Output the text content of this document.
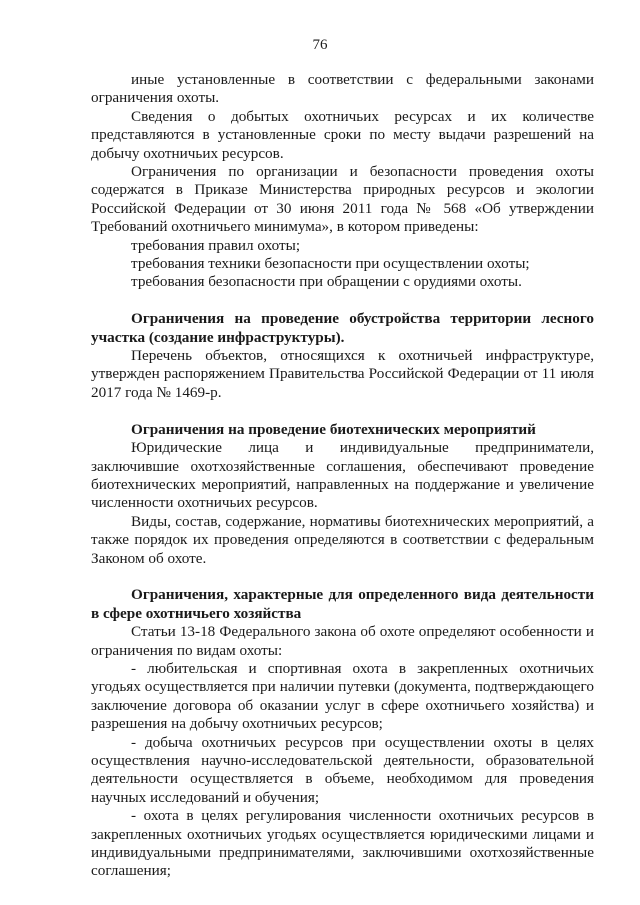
76

иные установленные в соответствии с федеральными законами ограничения охоты.

Сведения о добытых охотничьих ресурсах и их количестве представляются в установленные сроки по месту выдачи разрешений на добычу охотничьих ресурсов.

Ограничения по организации и безопасности проведения охоты содержатся в Приказе Министерства природных ресурсов и экологии Российской Федерации от 30 июня 2011 года № 568 «Об утверждении Требований охотничьего минимума», в котором приведены:

требования правил охоты;

требования техники безопасности при осуществлении охоты;

требования безопасности при обращении с орудиями охоты.

Ограничения на проведение обустройства территории лесного участка (создание инфраструктуры).

Перечень объектов, относящихся к охотничьей инфраструктуре, утвержден распоряжением Правительства Российской Федерации от 11 июля 2017 года № 1469-р.

Ограничения на проведение биотехнических мероприятий

Юридические лица и индивидуальные предприниматели, заключившие охотхозяйственные соглашения, обеспечивают проведение биотехнических мероприятий, направленных на поддержание и увеличение численности охотничьих ресурсов.

Виды, состав, содержание, нормативы биотехнических мероприятий, а также порядок их проведения определяются в соответствии с федеральным Законом об охоте.

Ограничения, характерные для определенного вида деятельности в сфере охотничьего хозяйства

Статьи 13-18 Федерального закона об охоте определяют особенности и ограничения по видам охоты:

- любительская и спортивная охота в закрепленных охотничьих угодьях осуществляется при наличии путевки (документа, подтверждающего заключение договора об оказании услуг в сфере охотничьего хозяйства) и разрешения на добычу охотничьих ресурсов;

- добыча охотничьих ресурсов при осуществлении охоты в целях осуществления научно-исследовательской деятельности, образовательной деятельности осуществляется в объеме, необходимом для проведения научных исследований и обучения;

- охота в целях регулирования численности охотничьих ресурсов в закрепленных охотничьих угодьях осуществляется юридическими лицами и индивидуальными предпринимателями, заключившими охотхозяйственные соглашения;
